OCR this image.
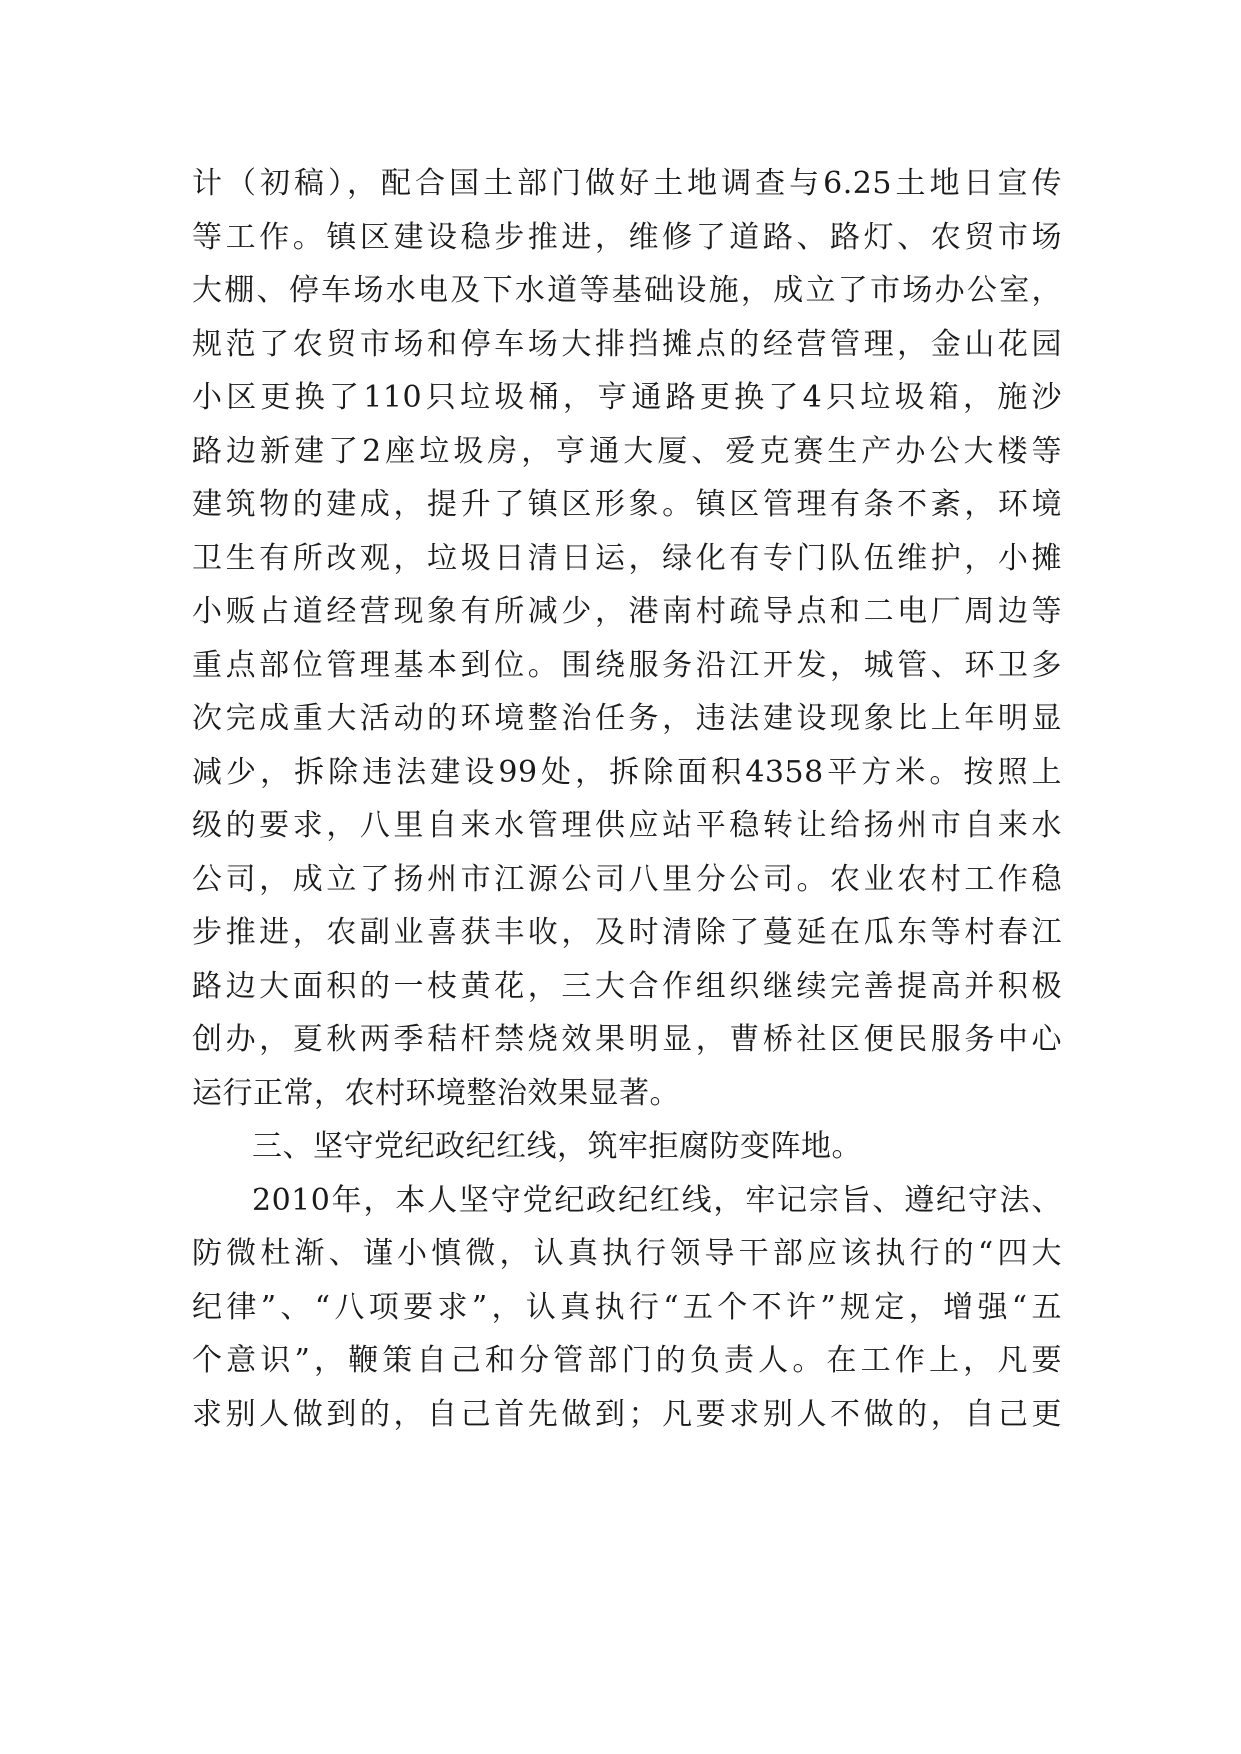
计（初稿），配合国土部门做好土地调查与6.25土地日宣传
等工作。镇区建设稳步推进，维修了道路、路灯、农贸市场
大棚、停车场水电及下水道等基础设施，成立了市场办公室，
规范了农贸市场和停车场大排挡摊点的经营管理，金山花园
小区更换了110只垃圾桶，亨通路更换了4只垃圾箱，施沙
路边新建了2座垃圾房，亨通大厦、爱克赛生产办公大楼等
建筑物的建成，提升了镇区形象。镇区管理有条不紊，环境
卫生有所改观，垃圾日清日运，绿化有专门队伍维护，小摊
小贩占道经营现象有所减少，港南村疏导点和二电厂周边等
重点部位管理基本到位。围绕服务沿江开发，城管、环卫多
次完成重大活动的环境整治任务，违法建设现象比上年明显
减少，拆除违法建设99处，拆除面积4358平方米。按照上
级的要求，八里自来水管理供应站平稳转让给扬州市自来水
公司，成立了扬州市江源公司八里分公司。农业农村工作稳
步推进，农副业喜获丰收，及时清除了蔓延在瓜东等村春江
路边大面积的一枝黄花，三大合作组织继续完善提高并积极
创办，夏秋两季秸杆禁烧效果明显，曹桥社区便民服务中心
运行正常，农村环境整治效果显著。
三、坚守党纪政纪红线，筑牢拒腐防变阵地。
2010年，本人坚守党纪政纪红线，牢记宗旨、遵纪守法、
防微杜渐、谨小慎微，认真执行领导干部应该执行的“四大
纪律”、“八项要求”，认真执行“五个不许”规定，增强“五
个意识”，鞭策自己和分管部门的负责人。在工作上，凡要
求别人做到的，自己首先做到；凡要求别人不做的，自己更
